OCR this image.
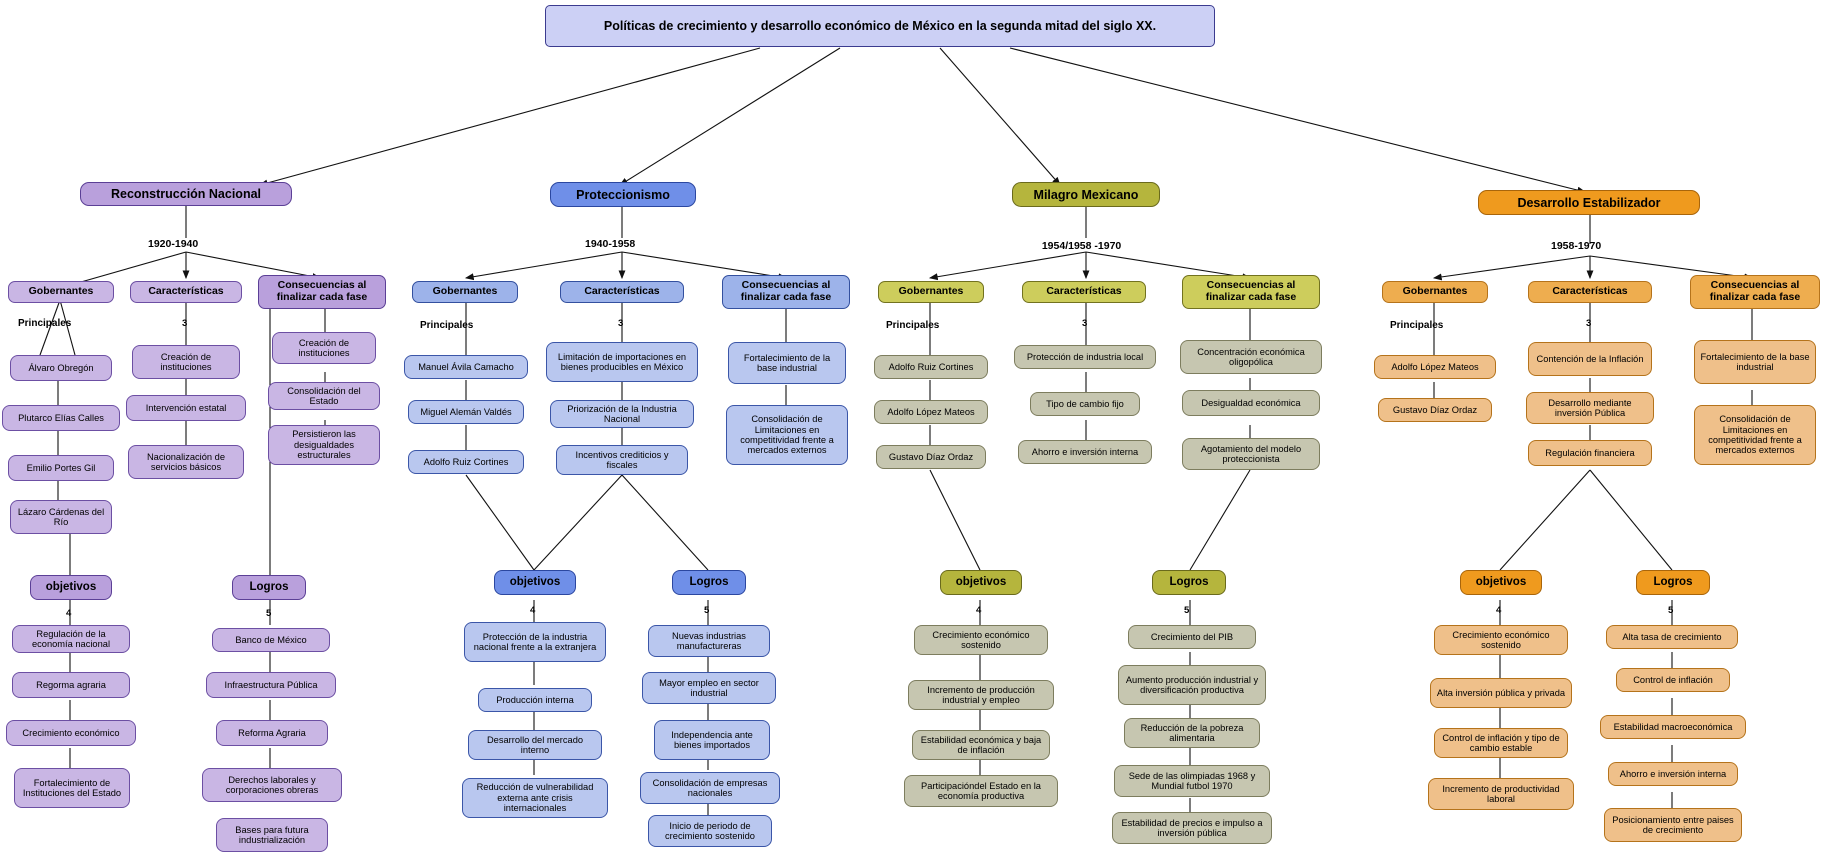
Políticas de crecimiento y desarrollo económico de México en la segunda mitad del siglo XX.
Reconstrucción Nacional
1920-1940
Gobernantes
Principales
Álvaro Obregón
Plutarco Elías Calles
Emilio Portes Gil
Lázaro Cárdenas del Río
Características
3
Creación de instituciones
Intervención estatal
Nacionalización de servicios básicos
Consecuencias al finalizar cada fase
Creación de instituciones
Consolidación del Estado
Persistieron las desigualdades estructurales
objetivos
4
Regulación de la economía nacional
Regorma agraria
Crecimiento económico
Fortalecimiento de Instituciones del Estado
Logros
5
Banco de México
Infraestructura Pública
Reforma Agraria
Derechos laborales y corporaciones obreras
Bases para futura industrialización
Proteccionismo
1940-1958
Gobernantes
Principales
Manuel Ávila Camacho
Miguel Alemán Valdés
Adolfo Ruiz Cortines
Características
3
Limitación de importaciones en bienes producibles en México
Priorización de la Industria Nacional
Incentivos crediticios y fiscales
Consecuencias al finalizar cada fase
Fortalecimiento de la base industrial
Consolidación de Limitaciones en competitividad frente a mercados externos
objetivos
4
Protección de la industria nacional frente a la extranjera
Producción interna
Desarrollo del mercado interno
Reducción de vulnerabilidad externa ante crisis internacionales
Logros
5
Nuevas industrias manufactureras
Mayor empleo en sector industrial
Independencia ante bienes importados
Consolidación de empresas nacionales
Inicio de periodo de crecimiento sostenido
Milagro Mexicano

1954/1958 -1970

Gobernantes
Principales
Adolfo Ruiz Cortines
Adolfo López Mateos
Gustavo Díaz Ordaz
Características
3
Protección de industria local
Tipo de cambio fijo
Ahorro e inversión interna
Consecuencias al finalizar cada fase
Concentración económica oligopólica
Desigualdad económica
Agotamiento del modelo proteccionista
objetivos
4
Crecimiento económico sostenido
Incremento de producción industrial y empleo
Estabilidad económica y baja de inflación
Participacióndel Estado en la economía productiva
Logros
5
Crecimiento del PIB
Aumento producción industrial y diversificación productiva
Reducción de la pobreza alimentaria
Sede de las olimpiadas 1968 y Mundial futbol 1970
Estabilidad de precios e impulso a inversión pública
Desarrollo Estabilizador
1958-1970
Gobernantes
Principales
Adolfo López Mateos
Gustavo Díaz Ordaz
Características
3
Contención de la Inflación
Desarrollo mediante inversión Pública
Regulación financiera
Consecuencias al finalizar cada fase
Fortalecimiento de la base industrial
Consolidación de Limitaciones en competitividad frente a mercados externos
objetivos
4
Crecimiento económico sostenido
Alta inversión pública y privada
Control de inflación y tipo de cambio estable
Incremento de productividad laboral
Logros
5
Alta tasa de crecimiento
Control de inflación
Estabilidad macroeconómica
Ahorro e inversión interna
Posicionamiento entre paises de crecimiento
